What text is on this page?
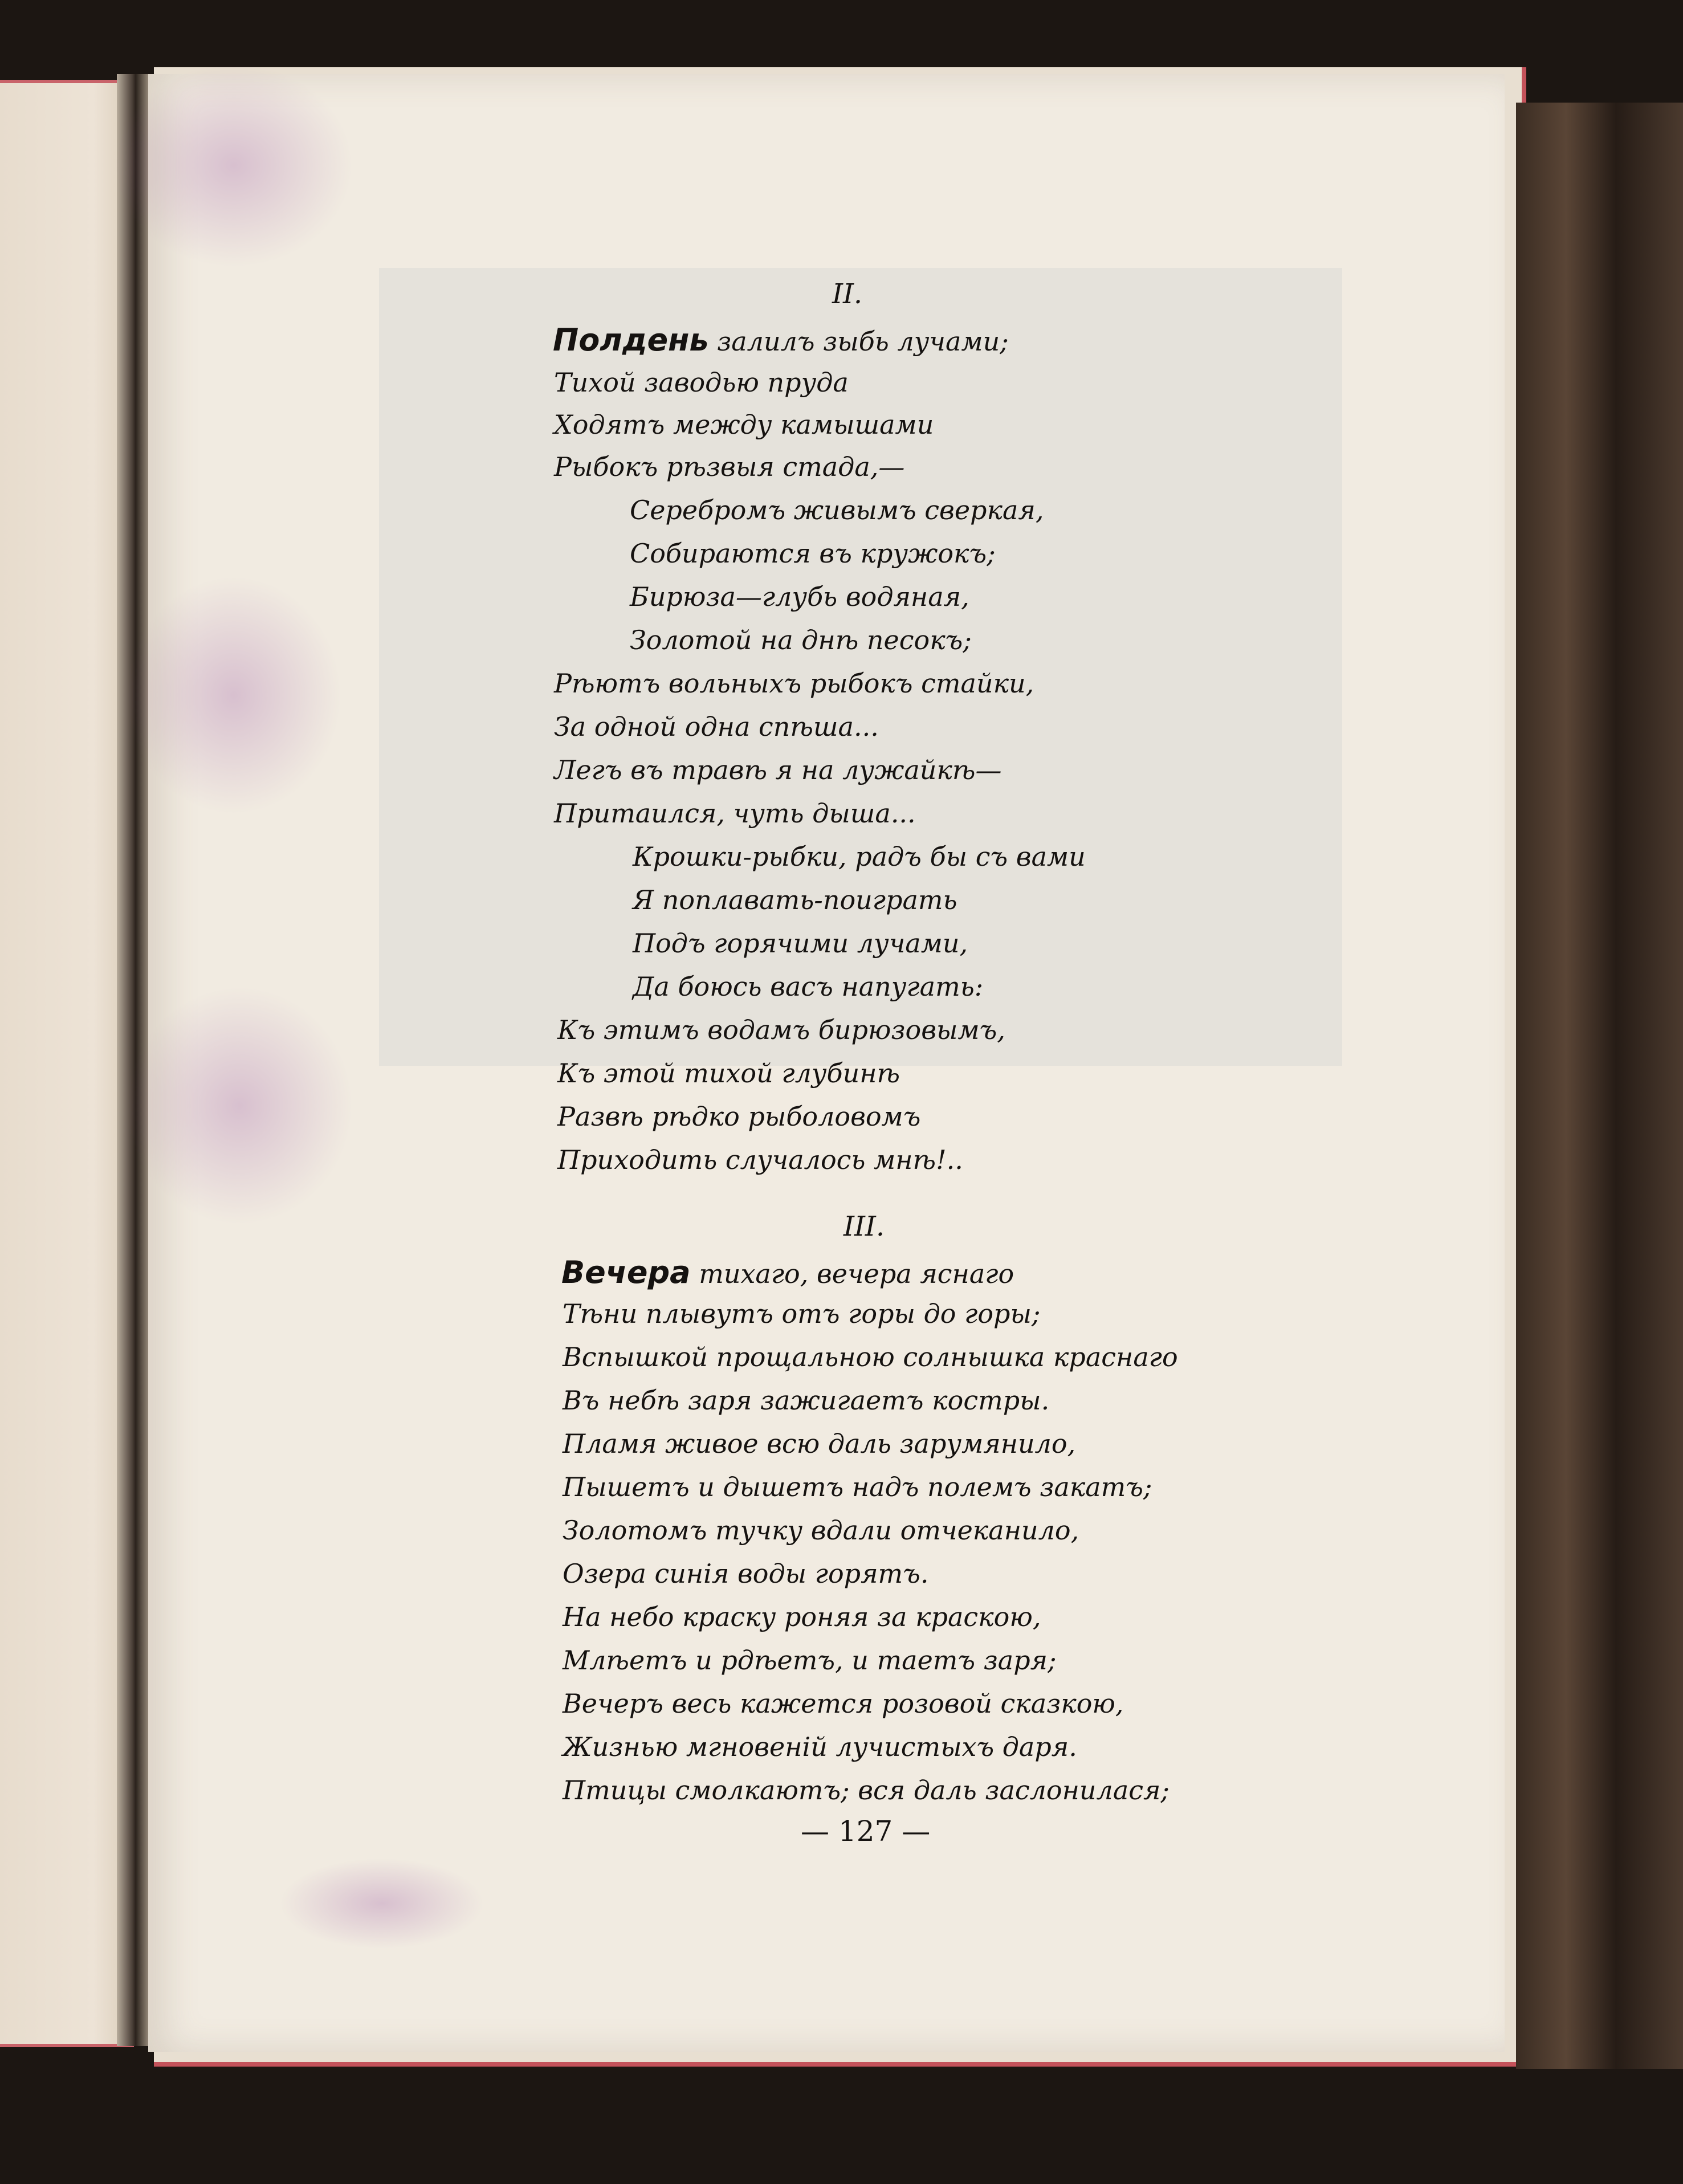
II.
Полдень залилъ зыбь лучами;
Тихой заводью пруда
Ходятъ между камышами
Рыбокъ рѣзвыя стада,—
Серебромъ живымъ сверкая,
Собираются въ кружокъ;
Бирюза—глубь водяная,
Золотой на днѣ песокъ;
Рѣютъ вольныхъ рыбокъ стайки,
За одной одна спѣша...
Легъ въ травѣ я на лужайкѣ—
Притаился, чуть дыша...
Крошки-рыбки, радъ бы съ вами
Я поплавать-поиграть
Подъ горячими лучами,
Да боюсь васъ напугать:
Къ этимъ водамъ бирюзовымъ,
Къ этой тихой глубинѣ
Развѣ рѣдко рыболовомъ
Приходить случалось мнѣ!..
III.
Вечера тихаго, вечера яснаго
Тѣни плывутъ отъ горы до горы;
Вспышкой прощальною солнышка краснаго
Въ небѣ заря зажигаетъ костры.
Пламя живое всю даль зарумянило,
Пышетъ и дышетъ надъ полемъ закатъ;
Золотомъ тучку вдали отчеканило,
Озера синія воды горятъ.
На небо краску роняя за краскою,
Млѣетъ и рдѣетъ, и таетъ заря;
Вечеръ весь кажется розовой сказкою,
Жизнью мгновеній лучистыхъ даря.
Птицы смолкаютъ; вся даль заслонилася;
— 127 —
